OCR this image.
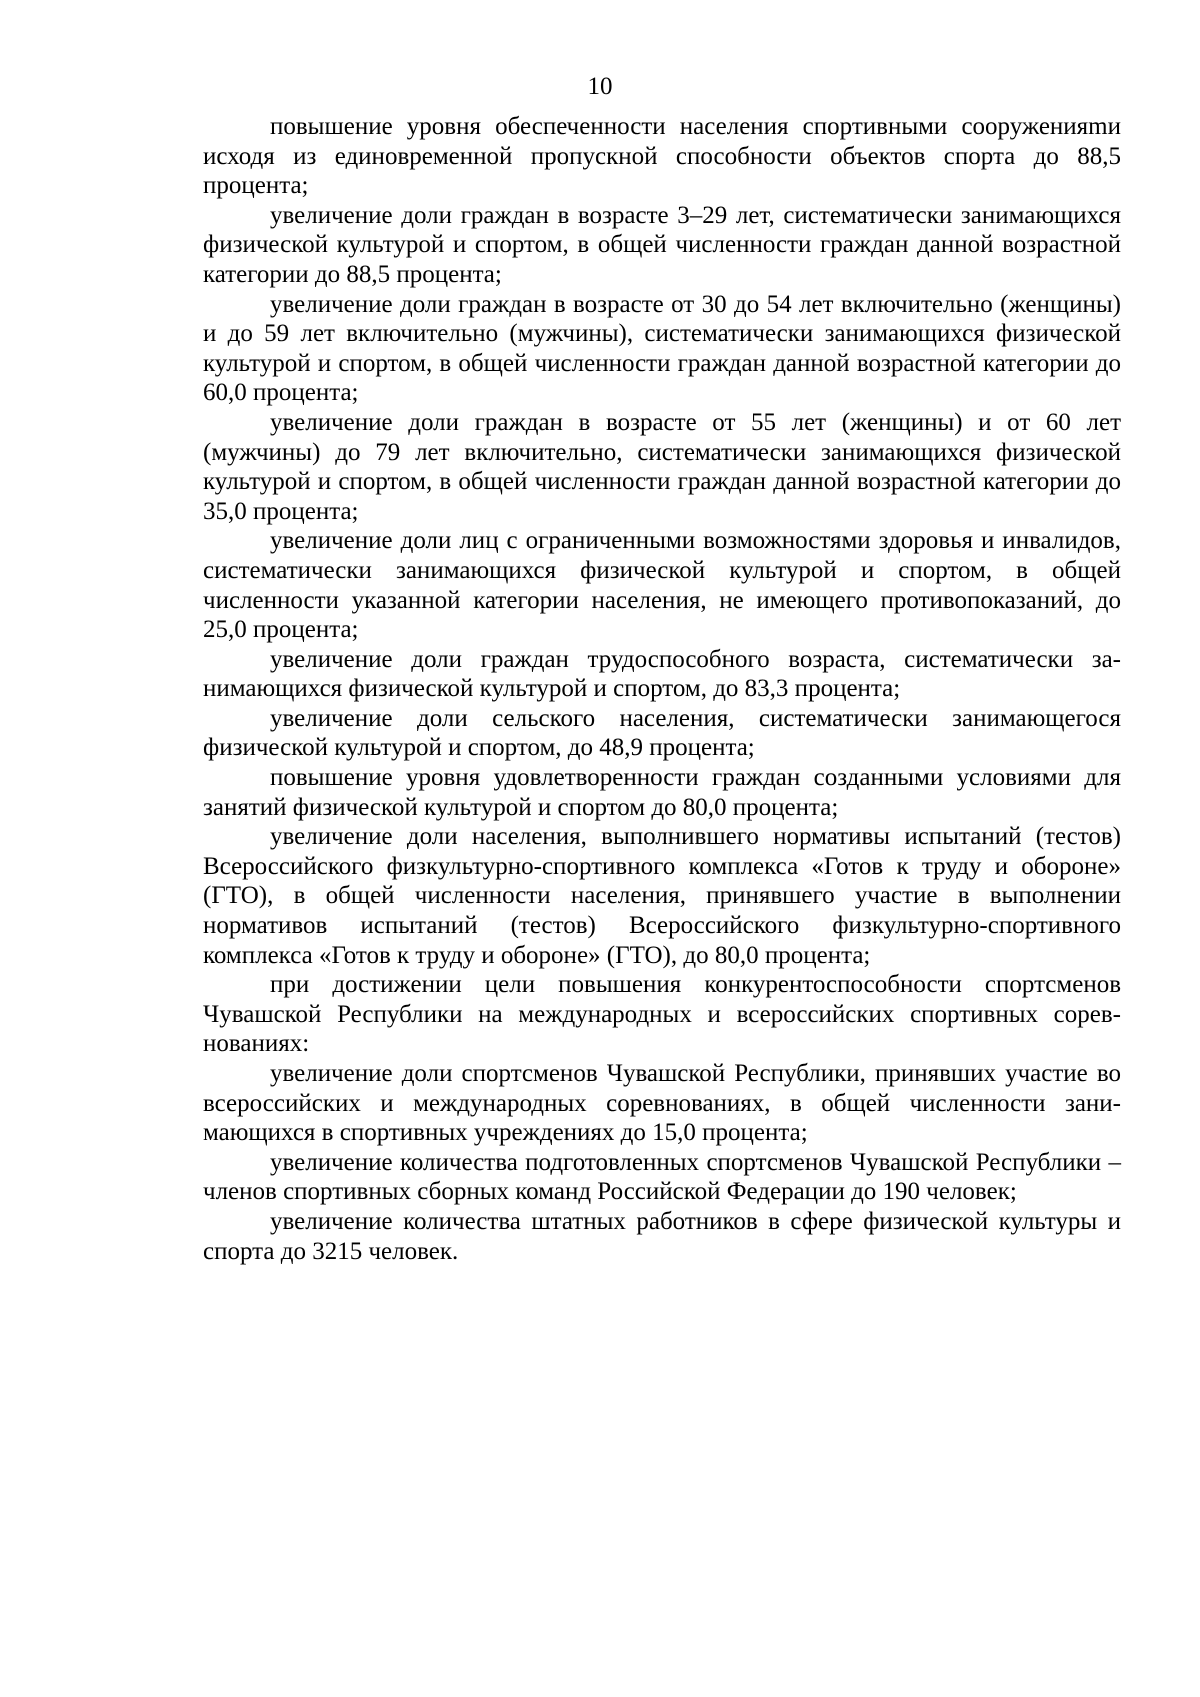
10

повышение уровня обеспеченности населения спортивными сооруженияmи исходя из единовременной пропускной способности объектов спорта до 88,5 процента;

увеличение доли граждан в возрасте 3–29 лет, систематически занимающихся физической культурой и спортом, в общей численности граждан данной возрастной категории до 88,5 процента;

увеличение доли граждан в возрасте от 30 до 54 лет включительно (женщины) и до 59 лет включительно (мужчины), систематически занимающихся физической культурой и спортом, в общей численности граждан данной возрастной категории до 60,0 процента;

увеличение доли граждан в возрасте от 55 лет (женщины) и от 60 лет (мужчины) до 79 лет включительно, систематически занимающихся физической культурой и спортом, в общей численности граждан данной возрастной категории до 35,0 процента;

увеличение доли лиц с ограниченными возможностями здоровья и инвалидов, систематически занимающихся физической культурой и спортом, в общей численности указанной категории населения, не имеющего противопоказаний, до 25,0 процента;

увеличение доли граждан трудоспособного возраста, систематически занимающихся физической культурой и спортом, до 83,3 процента;

увеличение доли сельского населения, систематически занимающегося физической культурой и спортом, до 48,9 процента;

повышение уровня удовлетворенности граждан созданными условиями для занятий физической культурой и спортом до 80,0 процента;

увеличение доли населения, выполнившего нормативы испытаний (тестов) Всероссийского физкультурно-спортивного комплекса «Готов к труду и обороне» (ГТО), в общей численности населения, принявшего участие в выполнении нормативов испытаний (тестов) Всероссийского физкультурно-спортивного комплекса «Готов к труду и обороне» (ГТО), до 80,0 процента;

при достижении цели повышения конкурентоспособности спортсменов Чувашской Республики на международных и всероссийских спортивных соревнованиях:

увеличение доли спортсменов Чувашской Республики, принявших участие во всероссийских и международных соревнованиях, в общей численности занимающихся в спортивных учреждениях до 15,0 процента;

увеличение количества подготовленных спортсменов Чувашской Республики – членов спортивных сборных команд Российской Федерации до 190 человек;

увеличение количества штатных работников в сфере физической культуры и спорта до 3215 человек.
